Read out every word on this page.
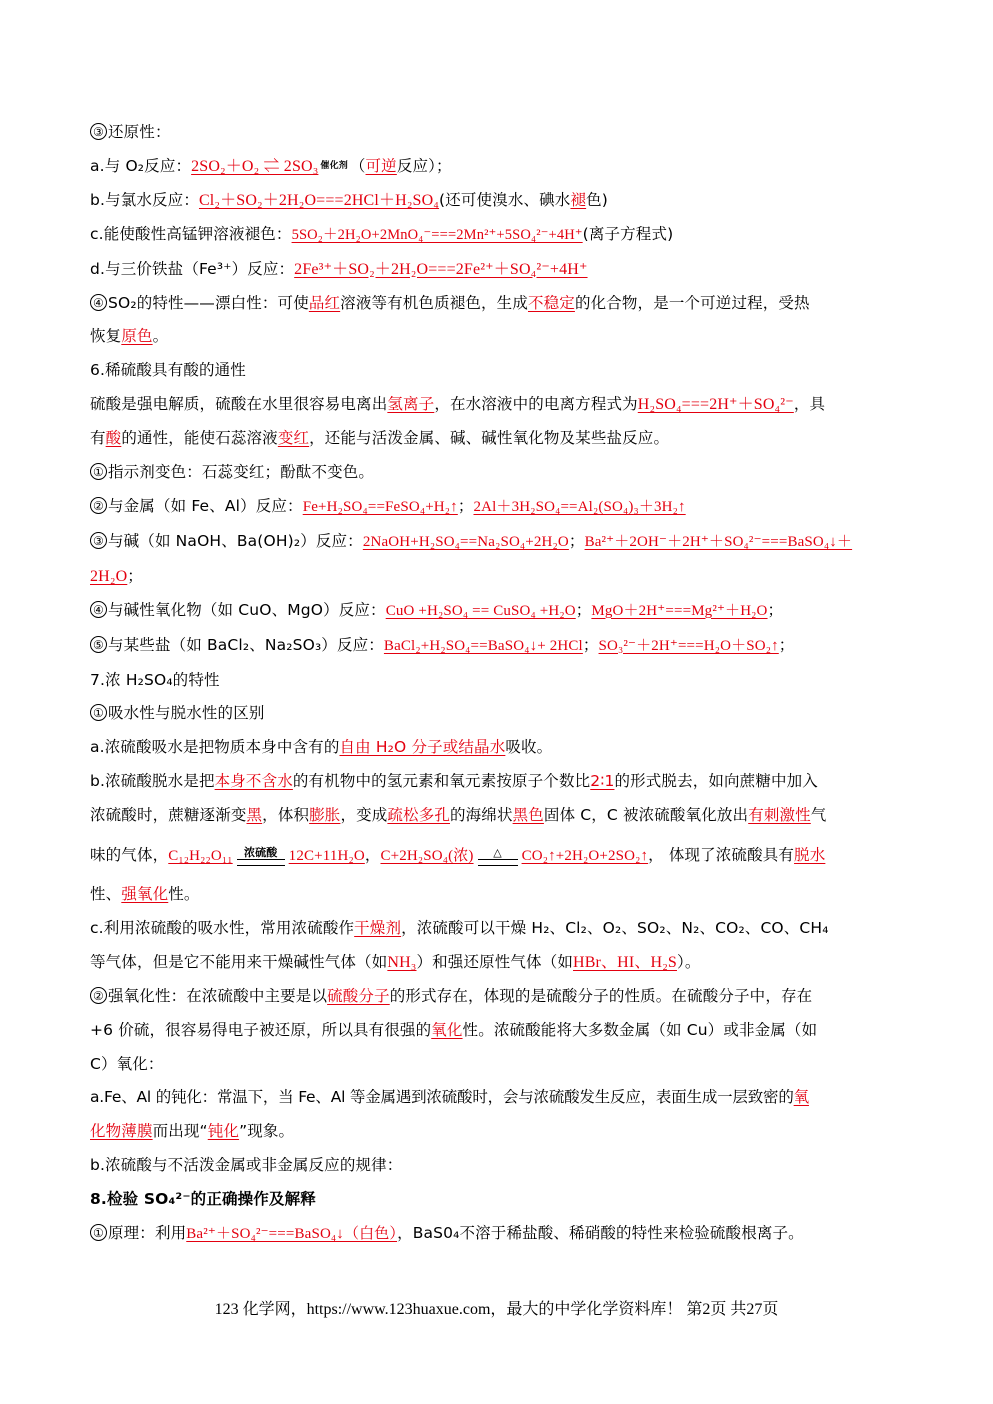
③ 还原性：
a.与 O₂反应：2SO₂＋O₂ ⇌ 2SO₃ 催化剂 （可逆反应）；
b.与氯水反应：Cl₂＋SO₂＋2H₂O===2HCl＋H₂SO₄(还可使溴水、碘水褪色)
c.能使酸性高锰钾溶液褪色：5SO₂＋2H₂O+2MnO₄⁻===2Mn²⁺+5SO₄²⁻+4H⁺(离子方程式)
d.与三价铁盐（Fe³⁺）反应：2Fe³⁺＋SO₂＋2H₂O===2Fe²⁺＋SO₄²⁻+4H⁺
④ SO₂的特性——漂白性：可使品红溶液等有机色质褪色，生成不稳定的化合物，是一个可逆过程，受热
恢复原色。
6.稀硫酸具有酸的通性
硫酸是强电解质，硫酸在水里很容易电离出氢离子，在水溶液中的电离方程式为H₂SO₄===2H⁺＋SO₄²⁻，具
有酸的通性，能使石蕊溶液变红，还能与活泼金属、碱、碱性氧化物及某些盐反应。
① 指示剂变色：石蕊变红；酚酞不变色。
② 与金属（如 Fe、Al）反应：Fe+H₂SO₄==FeSO₄+H₂↑；2Al＋3H₂SO₄==Al₂(SO₄)₃＋3H₂↑
③ 与碱（如 NaOH、Ba(OH)₂）反应：2NaOH+H₂SO₄==Na₂SO₄+2H₂O；Ba²⁺＋2OH⁻＋2H⁺＋SO₄²⁻===BaSO₄↓＋
2H₂O；
④ 与碱性氧化物（如 CuO、MgO）反应：CuO +H₂SO₄ == CuSO₄ +H₂O；MgO＋2H⁺===Mg²⁺＋H₂O；
⑤ 与某些盐（如 BaCl₂、Na₂SO₃）反应：BaCl₂+H₂SO₄==BaSO₄↓+ 2HCl；SO₃²⁻＋2H⁺===H₂O＋SO₂↑；
7.浓 H₂SO₄的特性
① 吸水性与脱水性的区别
a.浓硫酸吸水是把物质本身中含有的自由 H₂O 分子或结晶水吸收。
b.浓硫酸脱水是把本身不含水的有机物中的氢元素和氧元素按原子个数比2∶1的形式脱去，如向蔗糖中加入
浓硫酸时，蔗糖逐渐变黑，体积膨胀，变成疏松多孔的海绵状黑色固体 C，C 被浓硫酸氧化放出有刺激性气
味的气体，C₁₂H₂₂O₁₁	浓硫酸 12C+11H₂O，C+2H₂SO₄(浓)	△	CO₂↑+2H₂O+2SO₂↑， 体现了浓硫酸具有脱水
性、强氧化性。
c.利用浓硫酸的吸水性，常用浓硫酸作干燥剂，浓硫酸可以干燥 H₂、Cl₂、O₂、SO₂、N₂、CO₂、CO、CH₄
等气体，但是它不能用来干燥碱性气体（如NH₃）和强还原性气体（如HBr、HI、H₂S）。
② 强氧化性：在浓硫酸中主要是以硫酸分子的形式存在，体现的是硫酸分子的性质。在硫酸分子中，存在
+6 价硫，很容易得电子被还原，所以具有很强的氧化性。浓硫酸能将大多数金属（如 Cu）或非金属（如
C）氧化：
a.Fe、Al 的钝化：常温下，当 Fe、Al 等金属遇到浓硫酸时，会与浓硫酸发生反应，表面生成一层致密的氧
化物薄膜而出现“钝化”现象。
b.浓硫酸与不活泼金属或非金属反应的规律：
8.检验 SO₄²⁻的正确操作及解释
① 原理：利用Ba²⁺＋SO₄²⁻===BaSO₄↓（白色），BaS0₄不溶于稀盐酸、稀硝酸的特性来检验硫酸根离子。
123 化学网，https://www.123huaxue.com，最大的中学化学资料库！ 第2页 共27页
